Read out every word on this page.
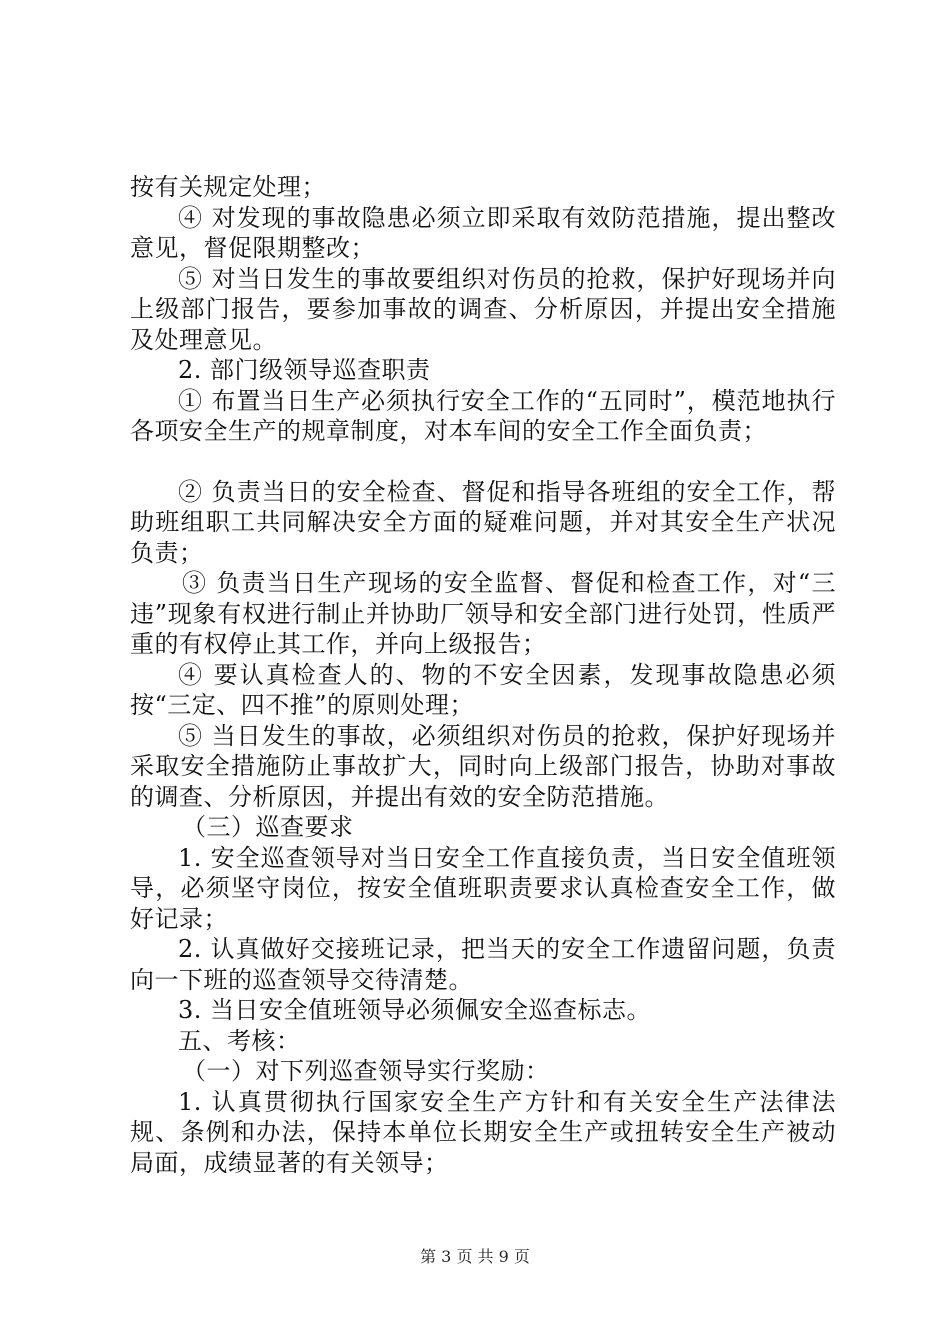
按有关规定处理；

④ 对发现的事故隐患必须立即采取有效防范措施，提出整改意见，督促限期整改；

⑤ 对当日发生的事故要组织对伤员的抢救，保护好现场并向上级部门报告，要参加事故的调查、分析原因，并提出安全措施及处理意见。

2. 部门级领导巡查职责

① 布置当日生产必须执行安全工作的“五同时”，模范地执行各项安全生产的规章制度，对本车间的安全工作全面负责；

② 负责当日的安全检查、督促和指导各班组的安全工作，帮助班组职工共同解决安全方面的疑难问题，并对其安全生产状况负责；

③ 负责当日生产现场的安全监督、督促和检查工作，对“三违”现象有权进行制止并协助厂领导和安全部门进行处罚，性质严重的有权停止其工作，并向上级报告；

④ 要认真检查人的、物的不安全因素，发现事故隐患必须按“三定、四不推”的原则处理；

⑤ 当日发生的事故，必须组织对伤员的抢救，保护好现场并采取安全措施防止事故扩大，同时向上级部门报告，协助对事故的调查、分析原因，并提出有效的安全防范措施。

（三）巡查要求

1. 安全巡查领导对当日安全工作直接负责，当日安全值班领导，必须坚守岗位，按安全值班职责要求认真检查安全工作，做好记录；

2. 认真做好交接班记录，把当天的安全工作遗留问题，负责向一下班的巡查领导交待清楚。

3. 当日安全值班领导必须佩安全巡查标志。

五、考核：

（一）对下列巡查领导实行奖励：

1. 认真贯彻执行国家安全生产方针和有关安全生产法律法规、条例和办法，保持本单位长期安全生产或扭转安全生产被动局面，成绩显著的有关领导；

第 3 页 共 9 页
